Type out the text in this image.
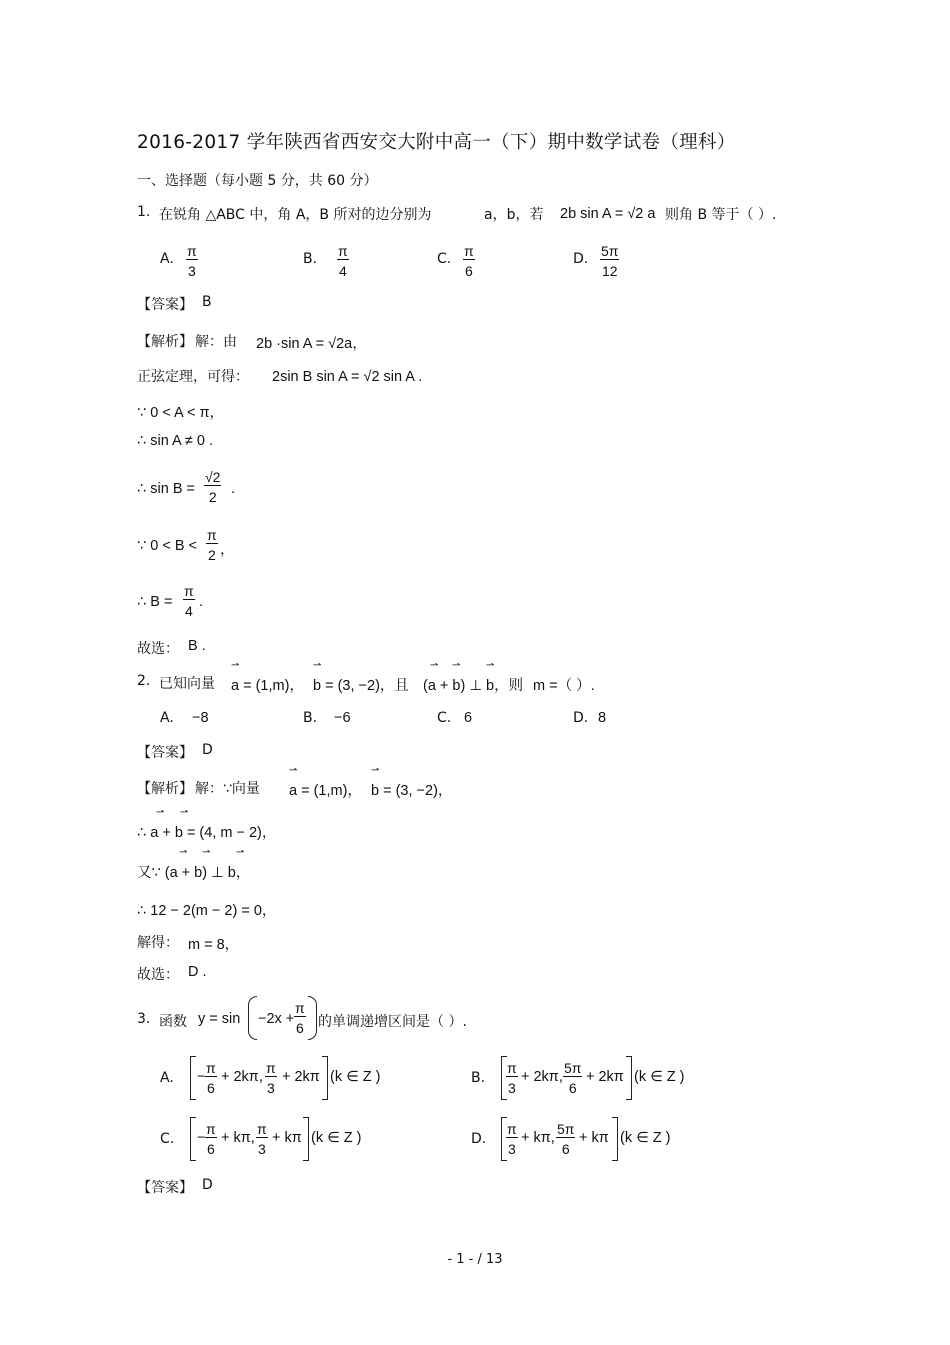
2016-2017 学年陕西省西安交大附中高一（下）期中数学试卷（理科）
一、选择题（每小题 5 分，共 60 分）
1. 在锐角 △ABC 中，角 A，B 所对的边分别为	a，b，若 2b sin A = √2 a 则角 B 等于（ ）.
A. π
3
B. π
4
C. π
6
D. 5π
12
【答案】 B
【解析】 解：由 2b ·sin A = √2a，
正弦定理，可得： 2sin B sin A = √2 sin A .
∵ 0 < A < π，
∴ sin A ≠ 0 .
∴ sin B =
√2
2 .
∵ 0 < B <
π
2 ，
∴ B =
π
4
.
故选： B .
2. 已知向量
⇀
a = (1,m)，
⇀
b = (3, −2)，且
⇀ ⇀	⇀
(a + b) ⊥ b，则 m =（ ）.
A. −8	B. −6	C. 6	D. 8
【答案】 D
【解析】 解：∵向量
⇀
a = (1,m)，
⇀
b = (3, −2)，
⇀ ⇀
∴ a + b = (4, m − 2)，
⇀ ⇀	⇀
又∵ (a + b) ⊥ b，
∴ 12 − 2(m − 2) = 0，
解得： m = 8，
故选： D .
3. 函数 y = sin −2x +
π
6 的单调递增区间是（ ）.
A. −
π
6
+ 2kπ,
π
3
+ 2kπ (k ∈ Z )	B.
π
3
+ 2kπ,
5π
6
+ 2kπ (k ∈ Z )
C. −
π
6
+ kπ,
π
3
+ kπ (k ∈ Z )	D.
π
3
+ kπ,
5π
6
+ kπ (k ∈ Z )
【答案】 D
- 1 - / 13
